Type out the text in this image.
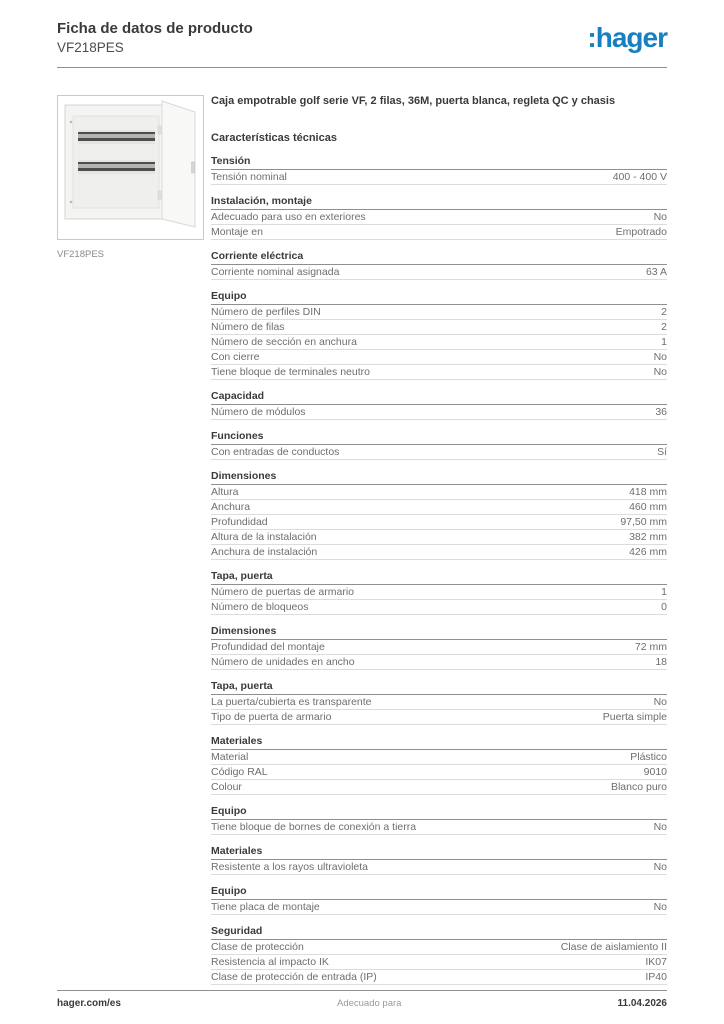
Ficha de datos de producto
VF218PES	:hager
VF218PES
Caja empotrable golf serie VF, 2 filas, 36M, puerta blanca, regleta QC y chasis
Características técnicas
Tensión
Tensión nominal	400 - 400 V
Instalación, montaje
Adecuado para uso en exteriores	No
Montaje en	Empotrado
Corriente eléctrica
Corriente nominal asignada	63 A
Equipo
Número de perfiles DIN	2
Número de filas	2
Número de sección en anchura	1
Con cierre	No
Tiene bloque de terminales neutro	No
Capacidad
Número de módulos	36
Funciones
Con entradas de conductos	Sí
Dimensiones
Altura	418 mm
Anchura	460 mm
Profundidad	97,50 mm
Altura de la instalación	382 mm
Anchura de instalación	426 mm
Tapa, puerta
Número de puertas de armario	1
Número de bloqueos	0
Dimensiones
Profundidad del montaje	72 mm
Número de unidades en ancho	18
Tapa, puerta
La puerta/cubierta es transparente	No
Tipo de puerta de armario	Puerta simple
Materiales
Material	Plástico
Código RAL	9010
Colour	Blanco puro
Equipo
Tiene bloque de bornes de conexión a tierra	No
Materiales
Resistente a los rayos ultravioleta	No
Equipo
Tiene placa de montaje	No
Seguridad
Clase de protección	Clase de aislamiento II
Resistencia al impacto IK	IK07
Clase de protección de entrada (IP)	IP40
hager.com/es	Adecuado para	11.04.2026
